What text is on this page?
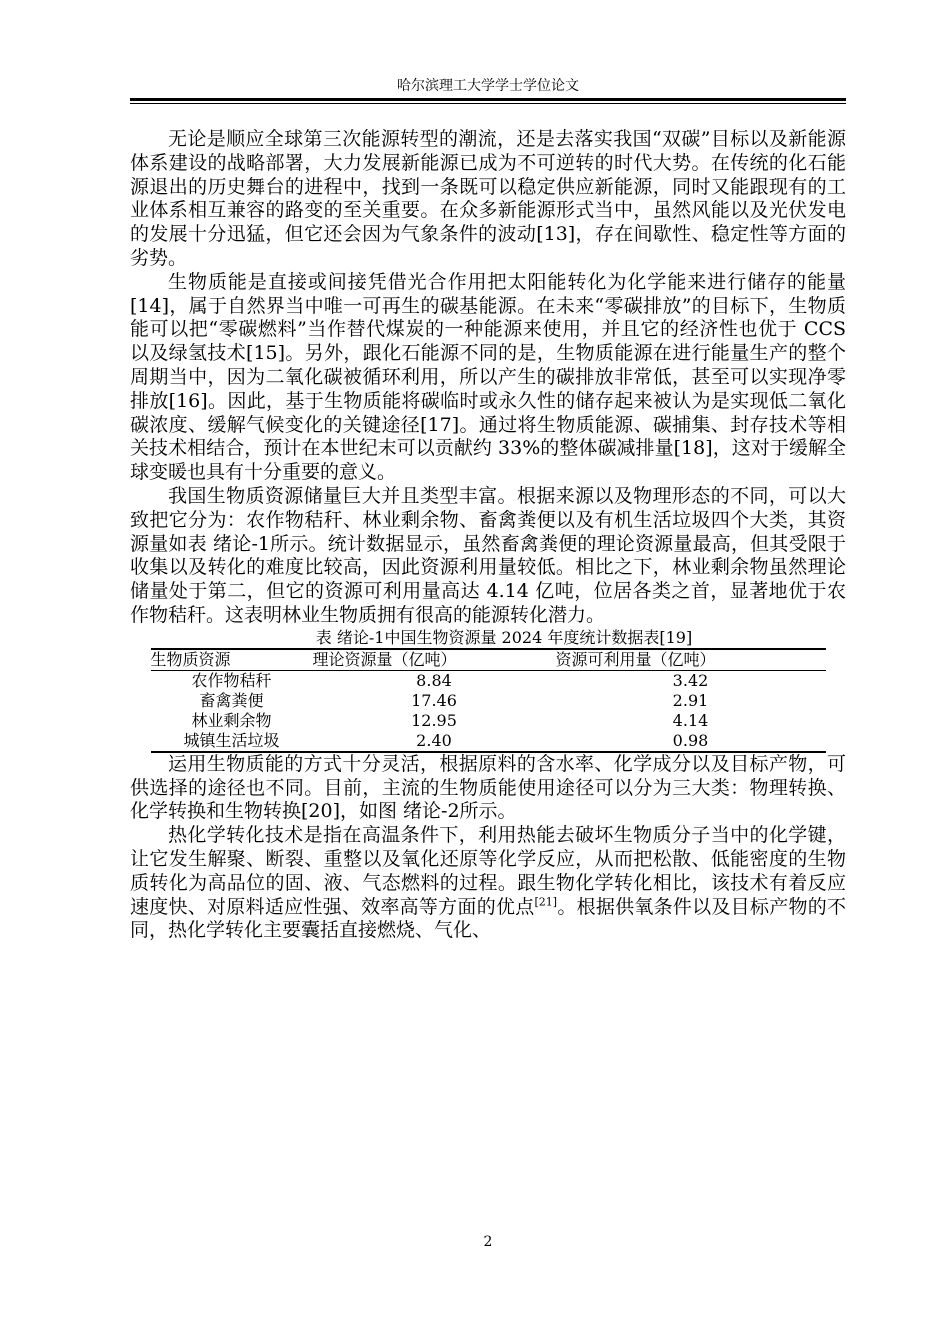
哈尔滨理工大学学士学位论文

无论是顺应全球第三次能源转型的潮流，还是去落实我国“双碳”目标以及新能源体系建设的战略部署，大力发展新能源已成为不可逆转的时代大势。在传统的化石能源退出的历史舞台的进程中，找到一条既可以稳定供应新能源，同时又能跟现有的工业体系相互兼容的路变的至关重要。在众多新能源形式当中，虽然风能以及光伏发电的发展十分迅猛，但它还会因为气象条件的波动[13]，存在间歇性、稳定性等方面的劣势。

生物质能是直接或间接凭借光合作用把太阳能转化为化学能来进行储存的能量[14]，属于自然界当中唯一可再生的碳基能源。在未来“零碳排放”的目标下，生物质能可以把“零碳燃料”当作替代煤炭的一种能源来使用，并且它的经济性也优于 CCS 以及绿氢技术[15]。另外，跟化石能源不同的是，生物质能源在进行能量生产的整个周期当中，因为二氧化碳被循环利用，所以产生的碳排放非常低，甚至可以实现净零排放[16]。因此，基于生物质能将碳临时或永久性的储存起来被认为是实现低二氧化碳浓度、缓解气候变化的关键途径[17]。通过将生物质能源、碳捕集、封存技术等相关技术相结合，预计在本世纪末可以贡献约 33%的整体碳减排量[18]，这对于缓解全球变暖也具有十分重要的意义。

我国生物质资源储量巨大并且类型丰富。根据来源以及物理形态的不同，可以大致把它分为：农作物秸秆、林业剩余物、畜禽粪便以及有机生活垃圾四个大类，其资源量如表 绪论-1所示。统计数据显示，虽然畜禽粪便的理论资源量最高，但其受限于收集以及转化的难度比较高，因此资源利用量较低。相比之下，林业剩余物虽然理论储量处于第二，但它的资源可利用量高达 4.14 亿吨，位居各类之首，显著地优于农作物秸秆。这表明林业生物质拥有很高的能源转化潜力。

表 绪论-1中国生物资源量 2024 年度统计数据表[19]

生物质资源	理论资源量（亿吨）	资源可利用量（亿吨）
农作物秸秆	8.84	3.42
畜禽粪便	17.46	2.91
林业剩余物	12.95	4.14
城镇生活垃圾	2.40	0.98

运用生物质能的方式十分灵活，根据原料的含水率、化学成分以及目标产物，可供选择的途径也不同。目前，主流的生物质能使用途径可以分为三大类：物理转换、化学转换和生物转换[20]，如图 绪论-2所示。

热化学转化技术是指在高温条件下，利用热能去破坏生物质分子当中的化学键，让它发生解聚、断裂、重整以及氧化还原等化学反应，从而把松散、低能密度的生物质转化为高品位的固、液、气态燃料的过程。跟生物化学转化相比，该技术有着反应速度快、对原料适应性强、效率高等方面的优点[21]。根据供氧条件以及目标产物的不同，热化学转化主要囊括直接燃烧、气化、

2
